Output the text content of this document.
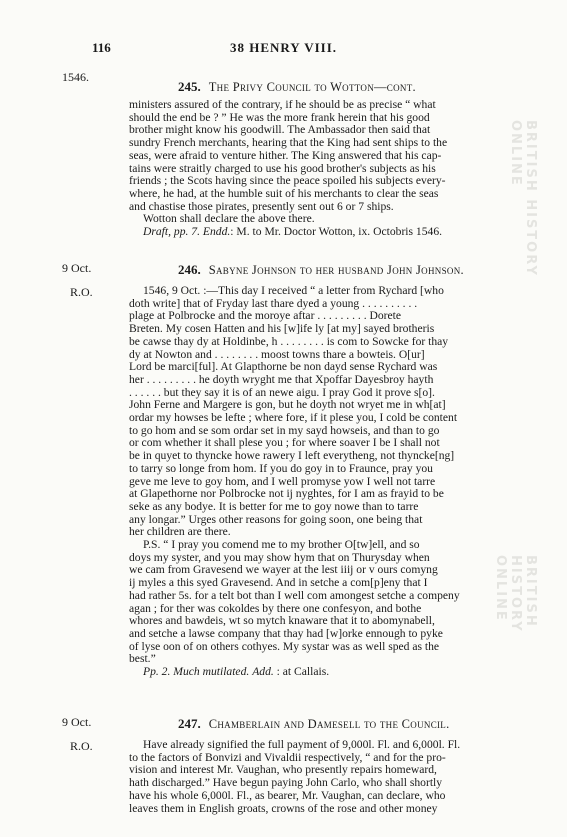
116	38 HENRY VIII.
BRITISH HISTORY ONLINE
BRITISH HISTORY ONLINE
1546.
245. The Privy Council to Wotton—cont.

ministers assured of the contrary, if he should be as precise “ what

should the end be ? ” He was the more frank herein that his good

brother might know his goodwill. The Ambassador then said that

sundry French merchants, hearing that the King had sent ships to the

seas, were afraid to venture hither. The King answered that his cap-

tains were straitly charged to use his good brother's subjects as his

friends ; the Scots having since the peace spoiled his subjects every-

where, he had, at the humble suit of his merchants to clear the seas

and chastise those pirates, presently sent out 6 or 7 ships.

Wotton shall declare the above there.

Draft, pp. 7. Endd.: M. to Mr. Doctor Wotton, ix. Octobris 1546.

9 Oct.	246. Sabyne Johnson to her husband John Johnson.
R.O.	1546, 9 Oct. :—This day I received “ a letter from Rychard [who

doth write] that of Fryday last thare dyed a young . . . . . . . . . .

plage at Polbrocke and the moroye aftar . . . . . . . . . Dorete

Breten. My cosen Hatten and his [w]ife ly [at my] sayed brotheris

be cawse thay dy at Holdinbe, h . . . . . . . . is com to Sowcke for thay

dy at Nowton and . . . . . . . . moost towns thare a bowteis. O[ur]

Lord be marci[ful]. At Glapthorne be non dayd sense Rychard was

her . . . . . . . . . he doyth wryght me that Xpoffar Dayesbroy hayth

. . . . . . but they say it is of an newe aigu. I pray God it prove s[o].

John Ferne and Margere is gon, but he doyth not wryet me in wh[at]

ordar my howses be lefte ; where fore, if it plese you, I cold be content

to go hom and se som ordar set in my sayd howseis, and than to go

or com whether it shall plese you ; for where soaver I be I shall not

be in quyet to thyncke howe rawery I left everytheng, not thyncke[ng]

to tarry so longe from hom. If you do goy in to Fraunce, pray you

geve me leve to goy hom, and I well promyse yow I well not tarre

at Glapethorne nor Polbrocke not ij nyghtes, for I am as frayid to be

seke as any bodye. It is better for me to goy nowe than to tarre

any longar.” Urges other reasons for going soon, one being that

her children are there.

P.S. “ I pray you comend me to my brother O[tw]ell, and so

doys my syster, and you may show hym that on Thurysday when

we cam from Gravesend we wayer at the lest iiij or v ours comyng

ij myles a this syed Gravesend. And in setche a com[p]eny that I

had rather 5s. for a telt bot than I well com amongest setche a compeny

agan ; for ther was cokoldes by there one confesyon, and bothe

whores and bawdeis, wt so mytch knaware that it to abomynabell,

and setche a lawse company that thay had [w]orke ennough to pyke

of lyse oon of on others cothyes. My systar was as well sped as the

best.”

Pp. 2. Much mutilated. Add. : at Callais.

9 Oct.	247. Chamberlain and Damesell to the Council.
R.O.	Have already signified the full payment of 9,000l. Fl. and 6,000l. Fl.

to the factors of Bonvizi and Vivaldii respectively, “ and for the pro-

vision and interest Mr. Vaughan, who presently repairs homeward,

hath discharged.” Have begun paying John Carlo, who shall shortly

have his whole 6,000l. Fl., as bearer, Mr. Vaughan, can declare, who

leaves them in English groats, crowns of the rose and other money
